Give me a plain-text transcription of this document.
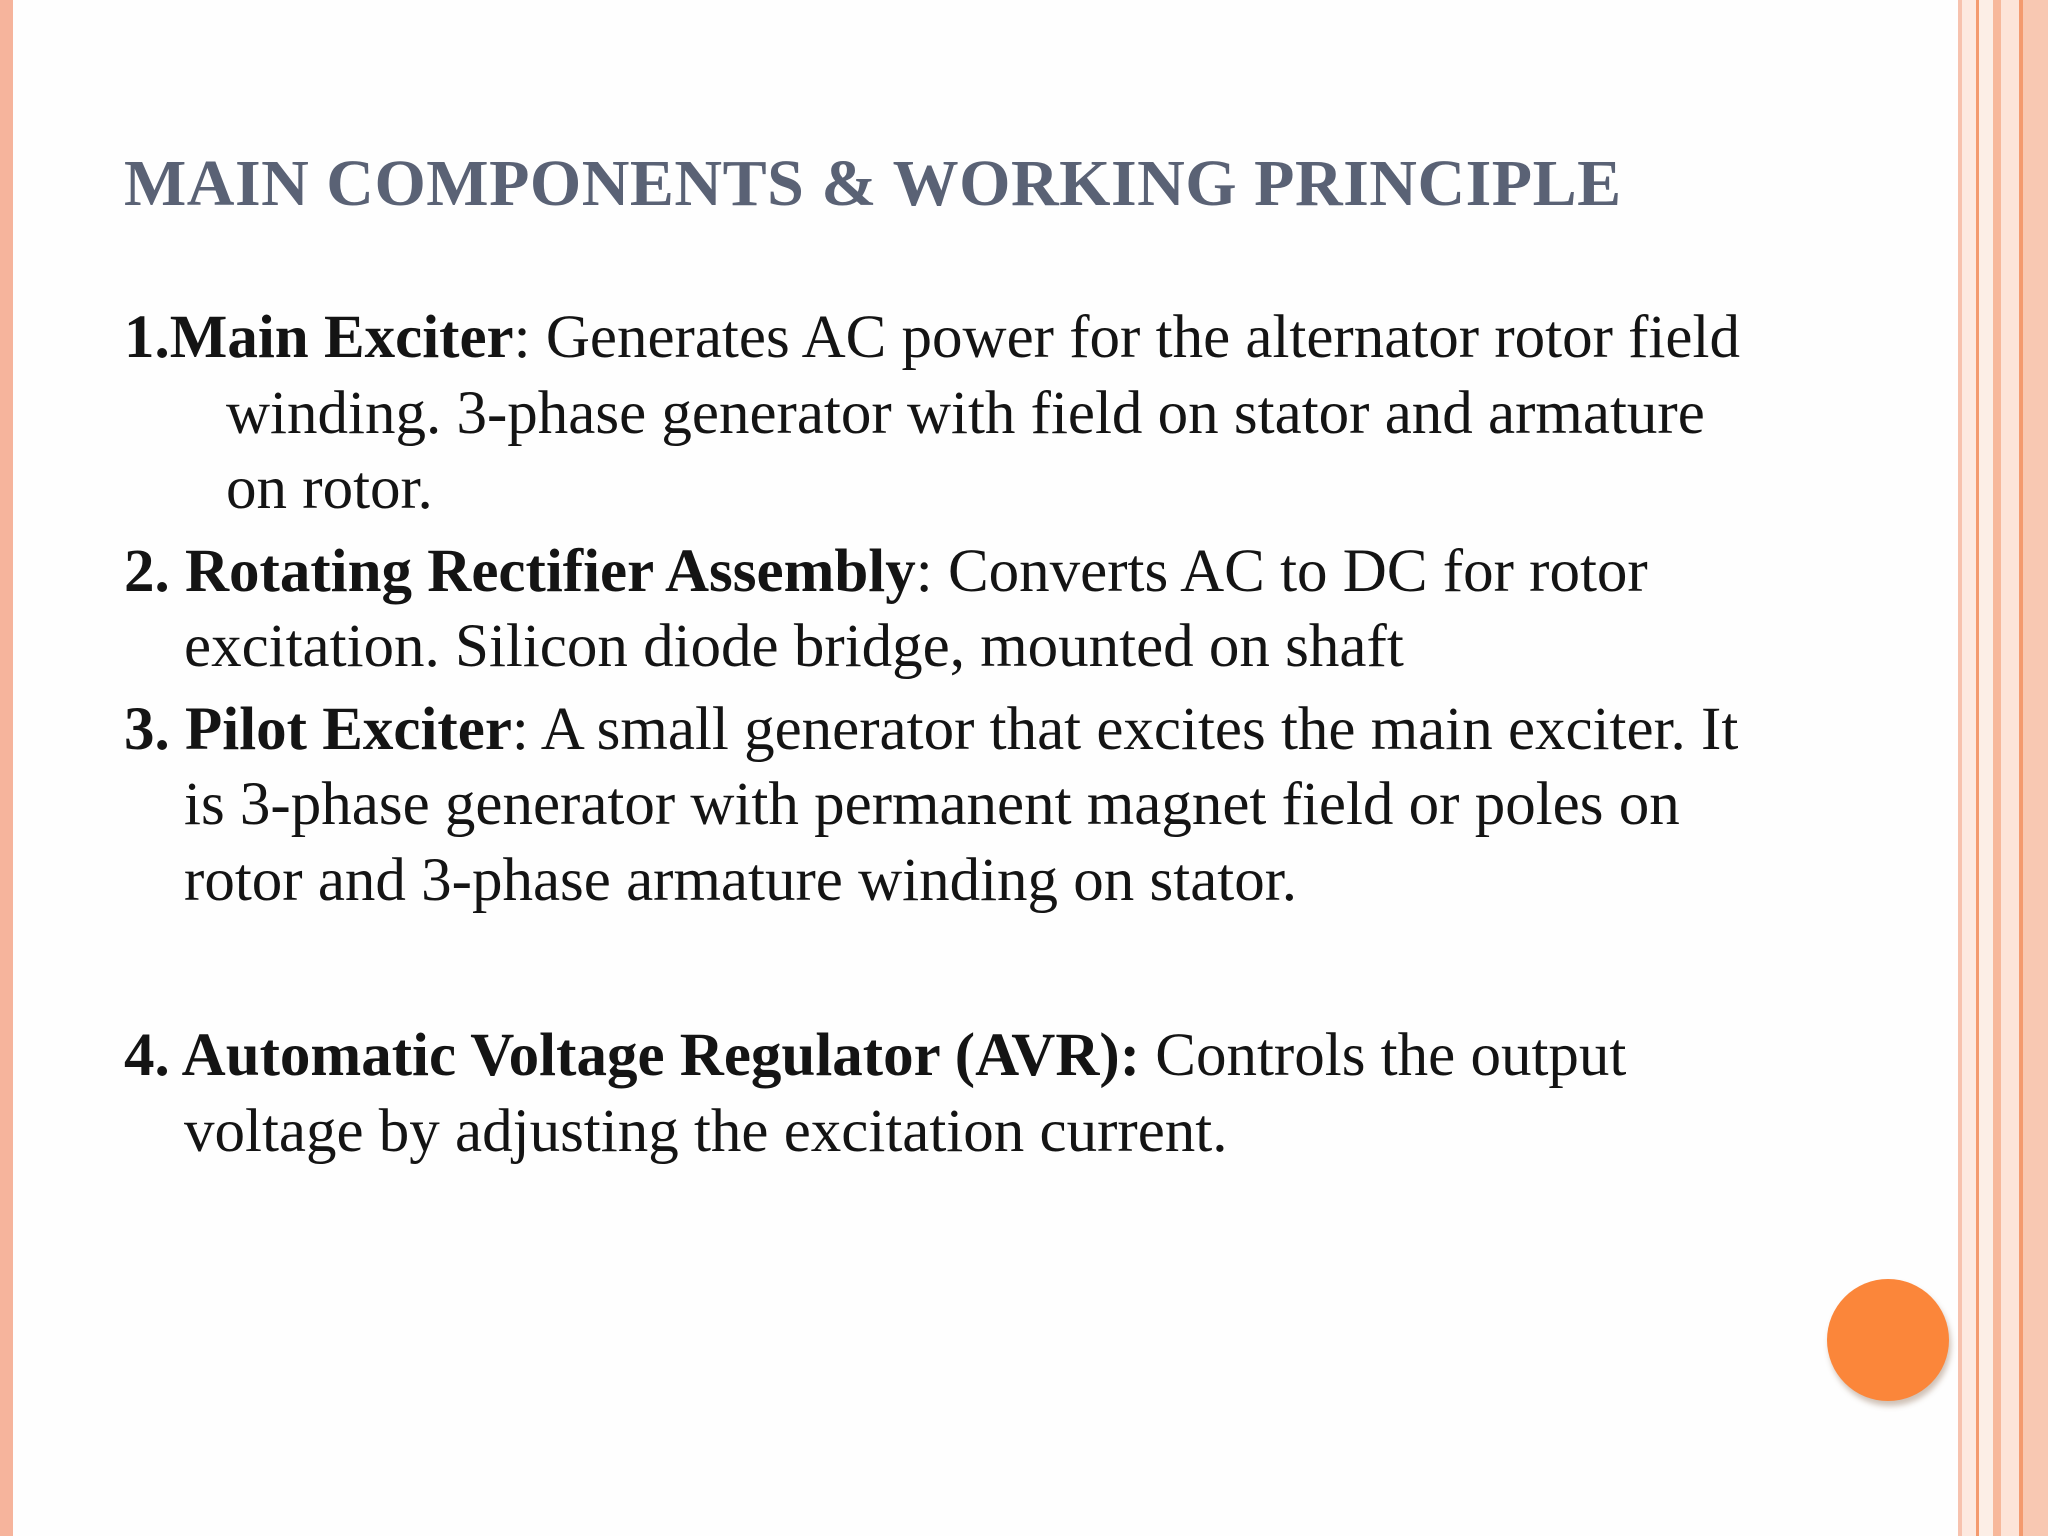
MAIN COMPONENTS & WORKING PRINCIPLE

1.Main Exciter: Generates AC power for the alternator rotor field winding. 3-phase generator with field on stator and armature on rotor.

2. Rotating Rectifier Assembly: Converts AC to DC for rotor excitation. Silicon diode bridge, mounted on shaft

3. Pilot Exciter: A small generator that excites the main exciter. It is 3-phase generator with permanent magnet field or poles on rotor and 3-phase armature winding on stator.

4. Automatic Voltage Regulator (AVR): Controls the output voltage by adjusting the excitation current.
